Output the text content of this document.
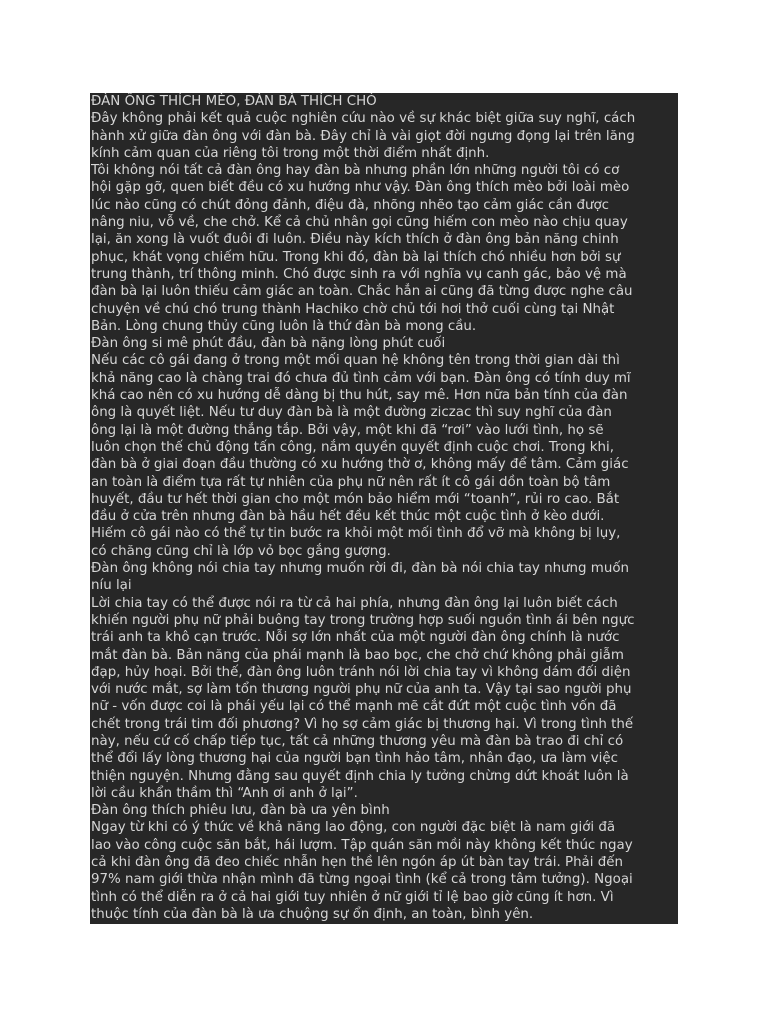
ĐÀN ÔNG THÍCH MÈO, ĐÀN BÀ THÍCH CHÓ
Đây không phải kết quả cuộc nghiên cứu nào về sự khác biệt giữa suy nghĩ, cách
hành xử giữa đàn ông với đàn bà. Đây chỉ là vài giọt đời ngưng đọng lại trên lăng
kính cảm quan của riêng tôi trong một thời điểm nhất định.
Tôi không nói tất cả đàn ông hay đàn bà nhưng phần lớn những người tôi có cơ
hội gặp gỡ, quen biết đều có xu hướng như vậy. Đàn ông thích mèo bởi loài mèo
lúc nào cũng có chút đỏng đảnh, điệu đà, nhõng nhẽo tạo cảm giác cần được
nâng niu, vỗ về, che chở. Kể cả chủ nhân gọi cũng hiếm con mèo nào chịu quay
lại, ăn xong là vuốt đuôi đi luôn. Điều này kích thích ở đàn ông bản năng chinh
phục, khát vọng chiếm hữu. Trong khi đó, đàn bà lại thích chó nhiều hơn bởi sự
trung thành, trí thông minh. Chó được sinh ra với nghĩa vụ canh gác, bảo vệ mà
đàn bà lại luôn thiếu cảm giác an toàn. Chắc hẳn ai cũng đã từng được nghe câu
chuyện về chú chó trung thành Hachiko chờ chủ tới hơi thở cuối cùng tại Nhật
Bản. Lòng chung thủy cũng luôn là thứ đàn bà mong cầu.
Đàn ông si mê phút đầu, đàn bà nặng lòng phút cuối
Nếu các cô gái đang ở trong một mối quan hệ không tên trong thời gian dài thì
khả năng cao là chàng trai đó chưa đủ tình cảm với bạn. Đàn ông có tính duy mĩ
khá cao nên có xu hướng dễ dàng bị thu hút, say mê. Hơn nữa bản tính của đàn
ông là quyết liệt. Nếu tư duy đàn bà là một đường ziczac thì suy nghĩ của đàn
ông lại là một đường thẳng tắp. Bởi vậy, một khi đã “rơi” vào lưới tình, họ sẽ
luôn chọn thế chủ động tấn công, nắm quyền quyết định cuộc chơi. Trong khi,
đàn bà ở giai đoạn đầu thường có xu hướng thờ ơ, không mấy để tâm. Cảm giác
an toàn là điểm tựa rất tự nhiên của phụ nữ nên rất ít cô gái dồn toàn bộ tâm
huyết, đầu tư hết thời gian cho một món bảo hiểm mới “toanh”, rủi ro cao. Bắt
đầu ở cửa trên nhưng đàn bà hầu hết đều kết thúc một cuộc tình ở kèo dưới.
Hiếm cô gái nào có thể tự tin bước ra khỏi một mối tình đổ vỡ mà không bị lụy,
có chăng cũng chỉ là lớp vỏ bọc gắng gượng.
Đàn ông không nói chia tay nhưng muốn rời đi, đàn bà nói chia tay nhưng muốn
níu lại
Lời chia tay có thể được nói ra từ cả hai phía, nhưng đàn ông lại luôn biết cách
khiến người phụ nữ phải buông tay trong trường hợp suối nguồn tình ái bên ngực
trái anh ta khô cạn trước. Nỗi sợ lớn nhất của một người đàn ông chính là nước
mắt đàn bà. Bản năng của phái mạnh là bao bọc, che chở chứ không phải giẫm
đạp, hủy hoại. Bởi thế, đàn ông luôn tránh nói lời chia tay vì không dám đối diện
với nước mắt, sợ làm tổn thương người phụ nữ của anh ta. Vậy tại sao người phụ
nữ - vốn được coi là phái yếu lại có thể mạnh mẽ cắt đứt một cuộc tình vốn đã
chết trong trái tim đối phương? Vì họ sợ cảm giác bị thương hại. Vì trong tình thế
này, nếu cứ cố chấp tiếp tục, tất cả những thương yêu mà đàn bà trao đi chỉ có
thể đổi lấy lòng thương hại của người bạn tình hảo tâm, nhân đạo, ưa làm việc
thiện nguyện. Nhưng đằng sau quyết định chia ly tưởng chừng dứt khoát luôn là
lời cầu khẩn thầm thì “Anh ơi anh ở lại”.
Đàn ông thích phiêu lưu, đàn bà ưa yên bình
Ngay từ khi có ý thức về khả năng lao động, con người đặc biệt là nam giới đã
lao vào công cuộc săn bắt, hái lượm. Tập quán săn mồi này không kết thúc ngay
cả khi đàn ông đã đeo chiếc nhẫn hẹn thề lên ngón áp út bàn tay trái. Phải đến
97% nam giới thừa nhận mình đã từng ngoại tình (kể cả trong tâm tưởng). Ngoại
tình có thể diễn ra ở cả hai giới tuy nhiên ở nữ giới tỉ lệ bao giờ cũng ít hơn. Vì
thuộc tính của đàn bà là ưa chuộng sự ổn định, an toàn, bình yên.
